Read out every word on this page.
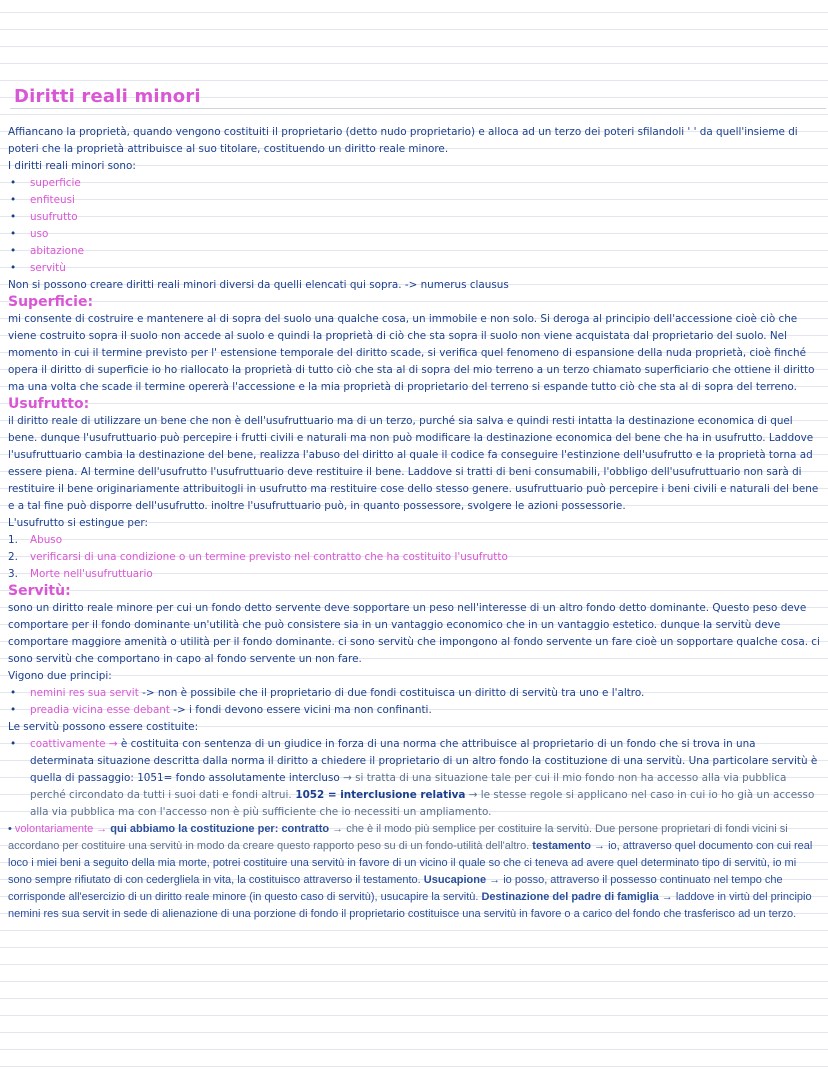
Diritti reali minori

Affiancano la proprietà, quando vengono costituiti il proprietario (detto nudo proprietario) e alloca ad un terzo dei poteri sfilandoli ' ' da quell'insieme di poteri che la proprietà attribuisce al suo titolare, costituendo un diritto reale minore.

I diritti reali minori sono:

• superficie

• enfiteusi

• usufrutto

• uso

• abitazione

• servitù

Non si possono creare diritti reali minori diversi da quelli elencati qui sopra. -> numerus clausus

Superficie:

mi consente di costruire e mantenere al di sopra del suolo una qualche cosa, un immobile e non solo. Si deroga al principio dell'accessione cioè ciò che viene costruito sopra il suolo non accede al suolo e quindi la proprietà di ciò che sta sopra il suolo non viene acquistata dal proprietario del suolo. Nel momento in cui il termine previsto per l' estensione temporale del diritto scade, si verifica quel fenomeno di espansione della nuda proprietà, cioè finché opera il diritto di superficie io ho riallocato la proprietà di tutto ciò che sta al di sopra del mio terreno a un terzo chiamato superficiario che ottiene il diritto ma una volta che scade il termine opererà l'accessione e la mia proprietà di proprietario del terreno si espande tutto ciò che sta al di sopra del terreno.

Usufrutto:

il diritto reale di utilizzare un bene che non è dell'usufruttuario ma di un terzo, purché sia salva e quindi resti intatta la destinazione economica di quel bene. dunque l'usufruttuario può percepire i frutti civili e naturali ma non può modificare la destinazione economica del bene che ha in usufrutto. Laddove l'usufruttuario cambia la destinazione del bene, realizza l'abuso del diritto al quale il codice fa conseguire l'estinzione dell'usufrutto e la proprietà torna ad essere piena. Al termine dell'usufrutto l'usufruttuario deve restituire il bene. Laddove si tratti di beni consumabili, l'obbligo dell'usufruttuario non sarà di restituire il bene originariamente attribuitogli in usufrutto ma restituire cose dello stesso genere. usufruttuario può percepire i beni civili e naturali del bene e a tal fine può disporre dell'usufrutto. inoltre l'usufruttuario può, in quanto possessore, svolgere le azioni possessorie.

L'usufrutto si estingue per:

1. Abuso

2. verificarsi di una condizione o un termine previsto nel contratto che ha costituito l'usufrutto

3. Morte nell'usufruttuario

Servitù:

sono un diritto reale minore per cui un fondo detto servente deve sopportare un peso nell'interesse di un altro fondo detto dominante. Questo peso deve comportare per il fondo dominante un'utilità che può consistere sia in un vantaggio economico che in un vantaggio estetico. dunque la servitù deve comportare maggiore amenità o utilità per il fondo dominante. ci sono servitù che impongono al fondo servente un fare cioè un sopportare qualche cosa. ci sono servitù che comportano in capo al fondo servente un non fare.

Vigono due principi:

• nemini res sua servit -> non è possibile che il proprietario di due fondi costituisca un diritto di servitù tra uno e l'altro.

• preadia vicina esse debant -> i fondi devono essere vicini ma non confinanti.

Le servitù possono essere costituite:

• coattivamente → è costituita con sentenza di un giudice in forza di una norma che attribuisce al proprietario di un fondo che si trova in una determinata situazione descritta dalla norma il diritto a chiedere il proprietario di un altro fondo la costituzione di una servitù. Una particolare servitù è quella di passaggio: 1051= fondo assolutamente intercluso → si tratta di una situazione tale per cui il mio fondo non ha accesso alla via pubblica perché circondato da tutti i suoi dati e fondi altrui. 1052 = interclusione relativa → le stesse regole si applicano nel caso in cui io ho già un accesso alla via pubblica ma con l'accesso non è più sufficiente che io necessiti un ampliamento.

• volontariamente → qui abbiamo la costituzione per: contratto → che è il modo più semplice per costituire la servitù. Due persone proprietari di fondi vicini si accordano per costituire una servitù in modo da creare questo rapporto peso su di un fondo-utilità dell'altro. testamento → io, attraverso quel documento con cui real loco i miei beni a seguito della mia morte, potrei costituire una servitù in favore di un vicino il quale so che ci teneva ad avere quel determinato tipo di servitù, io mi sono sempre rifiutato di con cedergliela in vita, la costituisco attraverso il testamento. Usucapione → io posso, attraverso il possesso continuato nel tempo che corrisponde all'esercizio di un diritto reale minore (in questo caso di servitù), usucapire la servitù. Destinazione del padre di famiglia → laddove in virtù del principio nemini res sua servit in sede di alienazione di una porzione di fondo il proprietario costituisce una servitù in favore o a carico del fondo che trasferisco ad un terzo.
